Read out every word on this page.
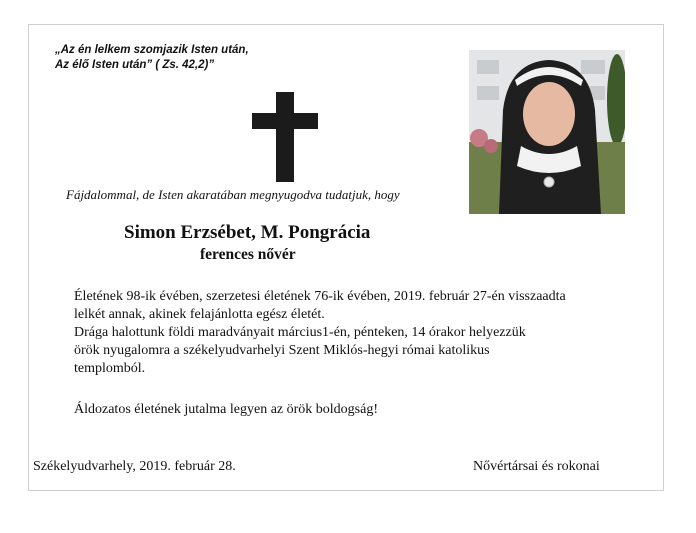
„Az én lelkem szomjazik Isten után,
Az élő Isten után” ( Zs. 42,2)”
Fájdalommal, de Isten akaratában megnyugodva tudatjuk, hogy
Simon Erzsébet, M. Pongrácia
ferences nővér
Életének 98-ik évében, szerzetesi életének 76-ik évében, 2019. február 27-én visszaadta
lelkét annak, akinek felajánlotta egész életét.
Drága halottunk földi maradványait március1-én, pénteken, 14 órakor helyezzük
örök nyugalomra a székelyudvarhelyi Szent Miklós-hegyi római katolikus
templomból.
Áldozatos életének jutalma legyen az örök boldogság!
Székelyudvarhely, 2019. február 28.	Nővértársai és rokonai
